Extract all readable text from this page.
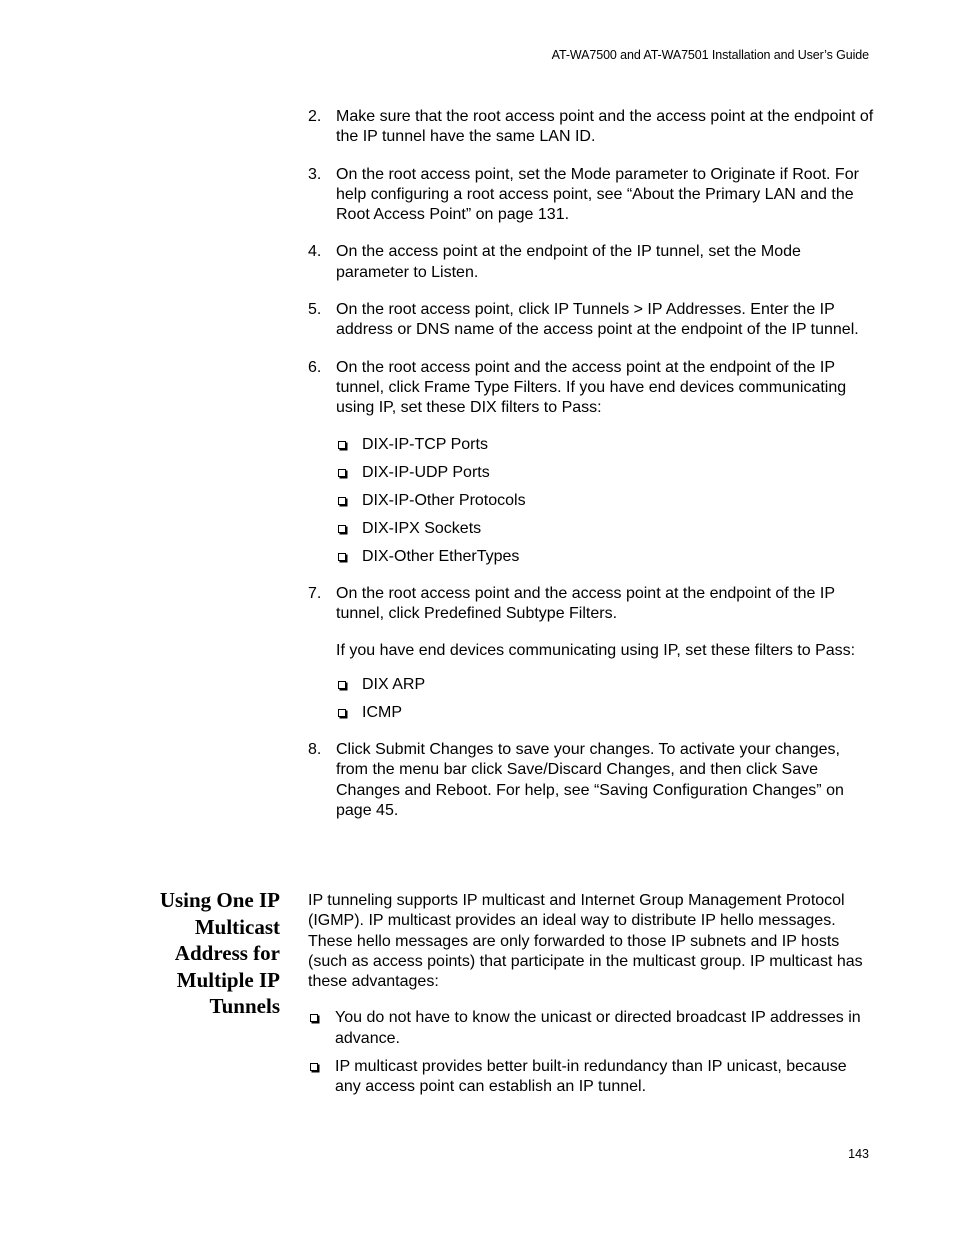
AT-WA7500 and AT-WA7501 Installation and User’s Guide
2. Make sure that the root access point and the access point at the endpoint of the IP tunnel have the same LAN ID.
3. On the root access point, set the Mode parameter to Originate if Root. For help configuring a root access point, see “About the Primary LAN and the Root Access Point” on page 131.
4. On the access point at the endpoint of the IP tunnel, set the Mode parameter to Listen.
5. On the root access point, click IP Tunnels > IP Addresses. Enter the IP address or DNS name of the access point at the endpoint of the IP tunnel.
6. On the root access point and the access point at the endpoint of the IP tunnel, click Frame Type Filters. If you have end devices communicating using IP, set these DIX filters to Pass:
DIX-IP-TCP Ports
DIX-IP-UDP Ports
DIX-IP-Other Protocols
DIX-IPX Sockets
DIX-Other EtherTypes
7. On the root access point and the access point at the endpoint of the IP tunnel, click Predefined Subtype Filters.

If you have end devices communicating using IP, set these filters to Pass:

DIX ARP
ICMP
8. Click Submit Changes to save your changes. To activate your changes, from the menu bar click Save/Discard Changes, and then click Save Changes and Reboot. For help, see “Saving Configuration Changes” on page 45.
Using One IP
Multicast
Address for
Multiple IP
Tunnels
IP tunneling supports IP multicast and Internet Group Management Protocol (IGMP). IP multicast provides an ideal way to distribute IP hello messages. These hello messages are only forwarded to those IP subnets and IP hosts (such as access points) that participate in the multicast group. IP multicast has these advantages:
You do not have to know the unicast or directed broadcast IP addresses in advance.
IP multicast provides better built-in redundancy than IP unicast, because any access point can establish an IP tunnel.
143
